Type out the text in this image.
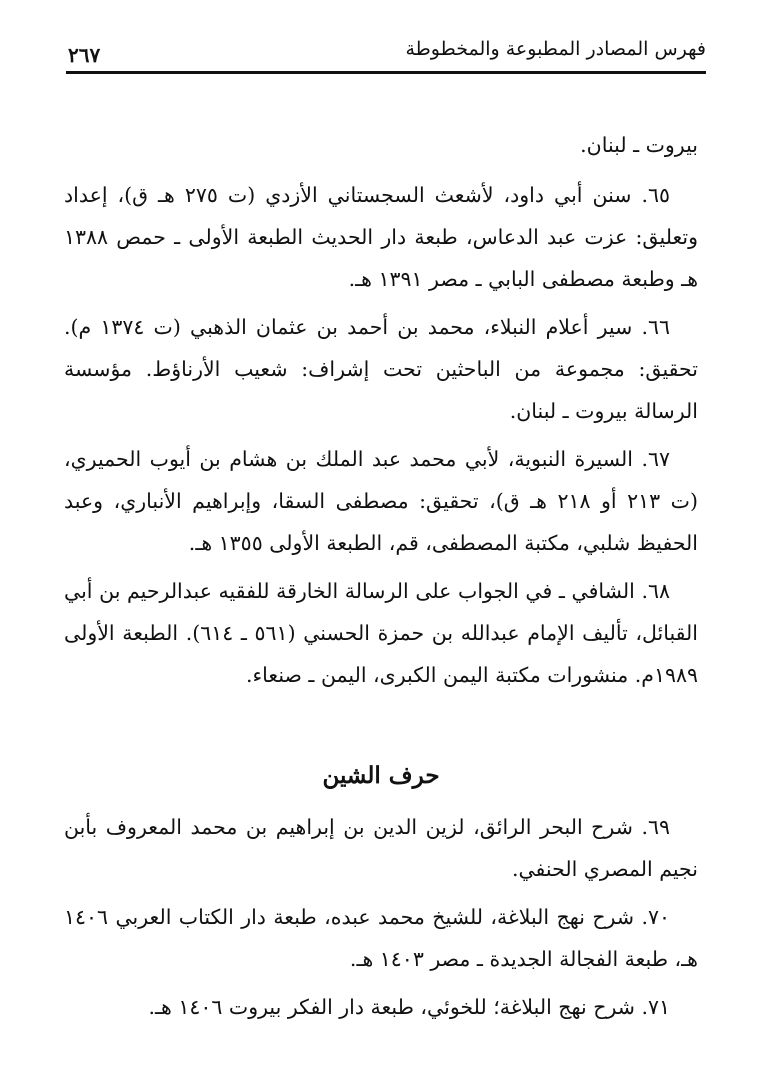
فهرس المصادر المطبوعة والمخطوطة
٢٦٧

بيروت ـ لبنان.

٦٥. سنن أبي داود، لأشعث السجستاني الأزدي (ت ٢٧٥ هـ ق)، إعداد وتعليق: عزت عبد الدعاس، طبعة دار الحديث الطبعة الأولى ـ حمص ١٣٨٨ هـ وطبعة مصطفى البابي ـ مصر ١٣٩١ هـ.

٦٦. سير أعلام النبلاء، محمد بن أحمد بن عثمان الذهبي (ت ١٣٧٤ م). تحقيق: مجموعة من الباحثين تحت إشراف: شعيب الأرناؤط. مؤسسة الرسالة بيروت ـ لبنان.

٦٧. السيرة النبوية، لأبي محمد عبد الملك بن هشام بن أيوب الحميري، (ت ٢١٣ أو ٢١٨ هـ ق)، تحقيق: مصطفى السقا، وإبراهيم الأنباري، وعبد الحفيظ شلبي، مكتبة المصطفى، قم، الطبعة الأولى ١٣٥٥ هـ.

٦٨. الشافي ـ في الجواب على الرسالة الخارقة للفقيه عبدالرحيم بن أبي القبائل، تأليف الإمام عبدالله بن حمزة الحسني (٥٦١ ـ ٦١٤). الطبعة الأولى ١٩٨٩م. منشورات مكتبة اليمن الكبرى، اليمن ـ صنعاء.

حرف الشين

٦٩. شرح البحر الرائق، لزين الدين بن إبراهيم بن محمد المعروف بأبن نجيم المصري الحنفي.

٧٠. شرح نهج البلاغة، للشيخ محمد عبده، طبعة دار الكتاب العربي ١٤٠٦ هـ، طبعة الفجالة الجديدة ـ مصر ١٤٠٣ هـ.

٧١. شرح نهج البلاغة؛ للخوئي، طبعة دار الفكر بيروت ١٤٠٦ هـ.
